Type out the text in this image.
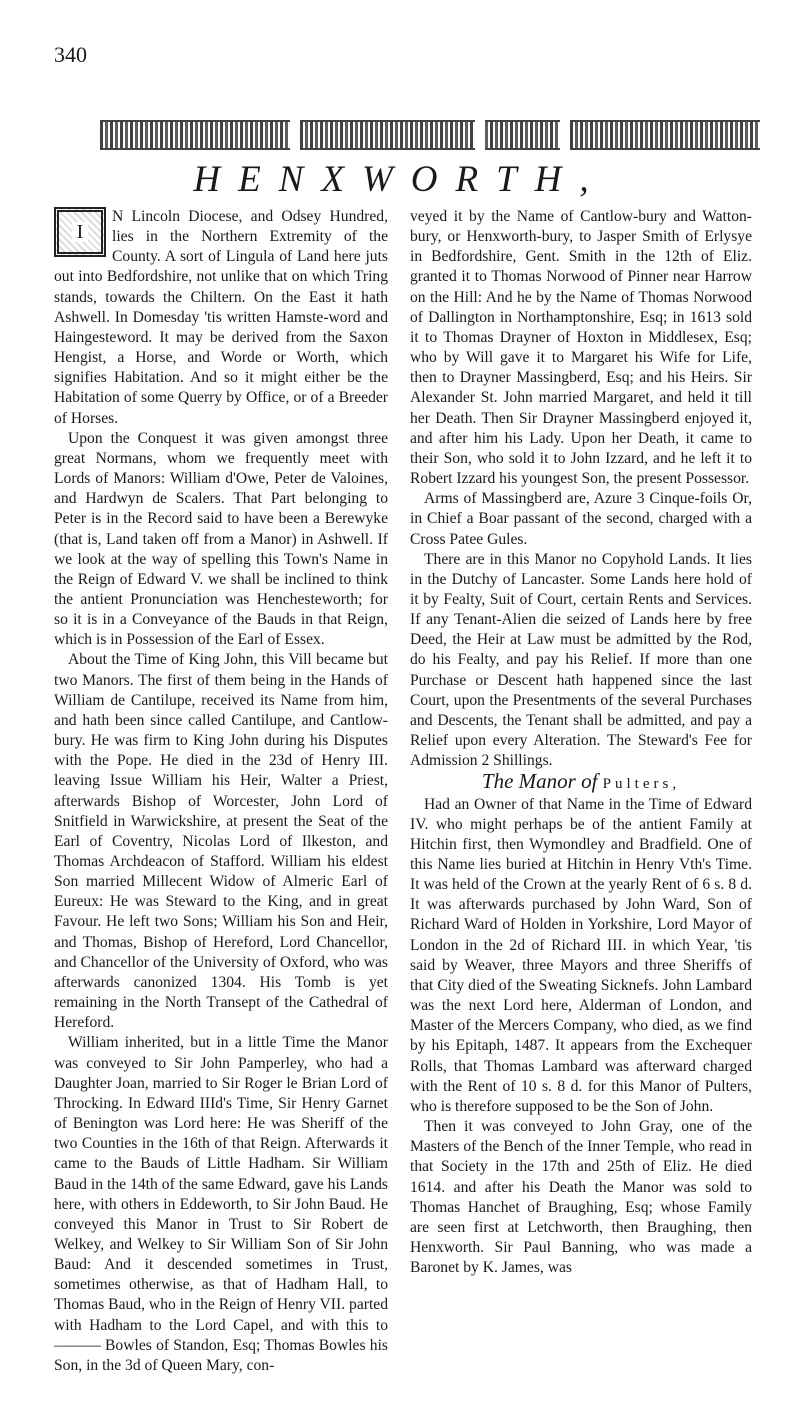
340
HENXWORTH,

I
N Lincoln Diocese, and Odsey Hundred, lies in the Northern Extremity of the County. A sort of Lingula of Land here juts out into Bedfordshire, not unlike that on which Tring stands, towards the Chiltern. On the East it hath Ashwell. In Domesday 'tis written Hamste-word and Haingesteword. It may be derived from the Saxon Hengist, a Horse, and Worde or Worth, which signifies Habitation. And so it might either be the Habitation of some Querry by Office, or of a Breeder of Horses.

Upon the Conquest it was given amongst three great Normans, whom we frequently meet with Lords of Manors: William d'Owe, Peter de Valoines, and Hardwyn de Scalers. That Part belonging to Peter is in the Record said to have been a Berewyke (that is, Land taken off from a Manor) in Ashwell. If we look at the way of spelling this Town's Name in the Reign of Edward V. we shall be inclined to think the antient Pronunciation was Henchesteworth; for so it is in a Conveyance of the Bauds in that Reign, which is in Possession of the Earl of Essex.

About the Time of King John, this Vill became but two Manors. The first of them being in the Hands of William de Cantilupe, received its Name from him, and hath been since called Cantilupe, and Cantlow-bury. He was firm to King John during his Disputes with the Pope. He died in the 23d of Henry III. leaving Issue William his Heir, Walter a Priest, afterwards Bishop of Worcester, John Lord of Snitfield in Warwickshire, at present the Seat of the Earl of Coventry, Nicolas Lord of Ilkeston, and Thomas Archdeacon of Stafford. William his eldest Son married Millecent Widow of Almeric Earl of Eureux: He was Steward to the King, and in great Favour. He left two Sons; William his Son and Heir, and Thomas, Bishop of Hereford, Lord Chancellor, and Chancellor of the University of Oxford, who was afterwards canonized 1304. His Tomb is yet remaining in the North Transept of the Cathedral of Hereford.

William inherited, but in a little Time the Manor was conveyed to Sir John Pamperley, who had a Daughter Joan, married to Sir Roger le Brian Lord of Throcking. In Edward IIId's Time, Sir Henry Garnet of Benington was Lord here: He was Sheriff of the two Counties in the 16th of that Reign. Afterwards it came to the Bauds of Little Hadham. Sir William Baud in the 14th of the same Edward, gave his Lands here, with others in Eddeworth, to Sir John Baud. He conveyed this Manor in Trust to Sir Robert de Welkey, and Welkey to Sir William Son of Sir John Baud: And it descended sometimes in Trust, sometimes otherwise, as that of Hadham Hall, to Thomas Baud, who in the Reign of Henry VII. parted with Hadham to the Lord Capel, and with this to ——— Bowles of Standon, Esq; Thomas Bowles his Son, in the 3d of Queen Mary, con-

veyed it by the Name of Cantlow-bury and Watton-bury, or Henxworth-bury, to Jasper Smith of Erlysye in Bedfordshire, Gent. Smith in the 12th of Eliz. granted it to Thomas Norwood of Pinner near Harrow on the Hill: And he by the Name of Thomas Norwood of Dallington in Northamptonshire, Esq; in 1613 sold it to Thomas Drayner of Hoxton in Middlesex, Esq; who by Will gave it to Margaret his Wife for Life, then to Drayner Massingberd, Esq; and his Heirs. Sir Alexander St. John married Margaret, and held it till her Death. Then Sir Drayner Massingberd enjoyed it, and after him his Lady. Upon her Death, it came to their Son, who sold it to John Izzard, and he left it to Robert Izzard his youngest Son, the present Possessor.

Arms of Massingberd are, Azure 3 Cinque-foils Or, in Chief a Boar passant of the second, charged with a Cross Patee Gules.

There are in this Manor no Copyhold Lands. It lies in the Dutchy of Lancaster. Some Lands here hold of it by Fealty, Suit of Court, certain Rents and Services. If any Tenant-Alien die seized of Lands here by free Deed, the Heir at Law must be admitted by the Rod, do his Fealty, and pay his Relief. If more than one Purchase or Descent hath happened since the last Court, upon the Presentments of the several Purchases and Descents, the Tenant shall be admitted, and pay a Relief upon every Alteration. The Steward's Fee for Admission 2 Shillings.

The Manor of Pulters,

Had an Owner of that Name in the Time of Edward IV. who might perhaps be of the antient Family at Hitchin first, then Wymondley and Bradfield. One of this Name lies buried at Hitchin in Henry Vth's Time. It was held of the Crown at the yearly Rent of 6 s. 8 d. It was afterwards purchased by John Ward, Son of Richard Ward of Holden in Yorkshire, Lord Mayor of London in the 2d of Richard III. in which Year, 'tis said by Weaver, three Mayors and three Sheriffs of that City died of the Sweating Sicknefs. John Lambard was the next Lord here, Alderman of London, and Master of the Mercers Company, who died, as we find by his Epitaph, 1487. It appears from the Exchequer Rolls, that Thomas Lambard was afterward charged with the Rent of 10 s. 8 d. for this Manor of Pulters, who is therefore supposed to be the Son of John.

Then it was conveyed to John Gray, one of the Masters of the Bench of the Inner Temple, who read in that Society in the 17th and 25th of Eliz. He died 1614. and after his Death the Manor was sold to Thomas Hanchet of Braughing, Esq; whose Family are seen first at Letchworth, then Braughing, then Henxworth. Sir Paul Banning, who was made a Baronet by K. James, was
